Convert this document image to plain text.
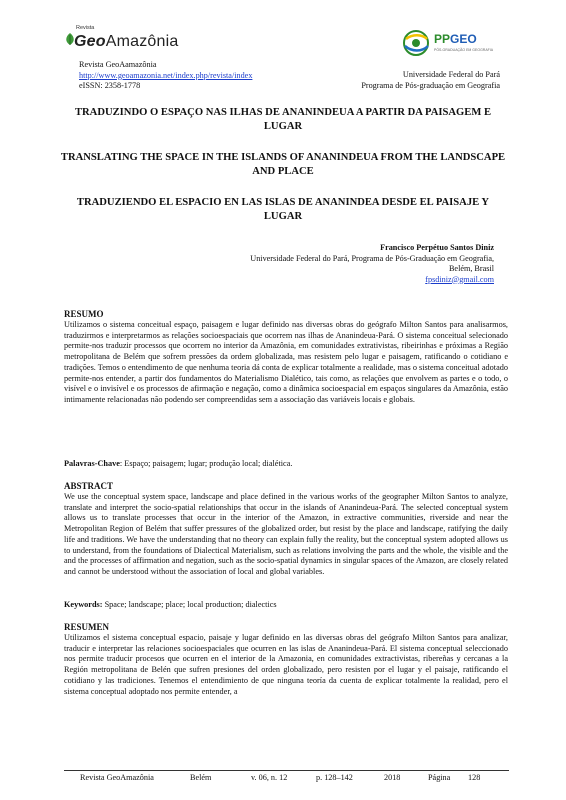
Revista
GeoAmazônia
Revista GeoAamazônia
http://www.geoamazonia.net/index.php/revista/index
eISSN: 2358-1778
PPGEO
PÓS-GRADUAÇÃO EM GEOGRAFIA
Universidade Federal do Pará
Programa de Pós-graduação em Geografia
TRADUZINDO O ESPAÇO NAS ILHAS DE ANANINDEUA A PARTIR DA PAISAGEM E LUGAR
TRANSLATING THE SPACE IN THE ISLANDS OF ANANINDEUA FROM THE LANDSCAPE AND PLACE
TRADUZIENDO EL ESPACIO EN LAS ISLAS DE ANANINDEA DESDE EL PAISAJE Y LUGAR
Francisco Perpétuo Santos Diniz
Universidade Federal do Pará, Programa de Pós-Graduação em Geografia, Belém, Brasil
fpsdiniz@gmail.com
RESUMO
Utilizamos o sistema conceitual espaço, paisagem e lugar definido nas diversas obras do geógrafo Milton Santos para analisarmos, traduzirmos e interpretarmos as relações socioespaciais que ocorrem nas ilhas de Ananindeua-Pará. O sistema conceitual selecionado permite-nos traduzir processos que ocorrem no interior da Amazônia, em comunidades extrativistas, ribeirinhas e próximas a Região metropolitana de Belém que sofrem pressões da ordem globalizada, mas resistem pelo lugar e paisagem, ratificando o cotidiano e tradições. Temos o entendimento de que nenhuma teoria dá conta de explicar totalmente a realidade, mas o sistema conceitual adotado permite-nos entender, a partir dos fundamentos do Materialismo Dialético, tais como, as relações que envolvem as partes e o todo, o visível e o invisível e os processos de afirmação e negação, como a dinâmica socioespacial em espaços singulares da Amazônia, estão intimamente relacionadas não podendo ser compreendidas sem a associação das variáveis locais e globais.
Palavras-Chave: Espaço; paisagem; lugar; produção local; dialética.
ABSTRACT
We use the conceptual system space, landscape and place defined in the various works of the geographer Milton Santos to analyze, translate and interpret the socio-spatial relationships that occur in the islands of Ananindeua-Pará. The selected conceptual system allows us to translate processes that occur in the interior of the Amazon, in extractive communities, riverside and near the Metropolitan Region of Belém that suffer pressures of the globalized order, but resist by the place and landscape, ratifying the daily life and traditions. We have the understanding that no theory can explain fully the reality, but the conceptual system adopted allows us to understand, from the foundations of Dialectical Materialism, such as relations involving the parts and the whole, the visible and the and the processes of affirmation and negation, such as the socio-spatial dynamics in singular spaces of the Amazon, are closely related and cannot be understood without the association of local and global variables.
Keywords: Space; landscape; place; local production; dialectics
RESUMEN
Utilizamos el sistema conceptual espacio, paisaje y lugar definido en las diversas obras del geógrafo Milton Santos para analizar, traducir e interpretar las relaciones socioespaciales que ocurren en las islas de Ananindeua-Pará. El sistema conceptual seleccionado nos permite traducir procesos que ocurren en el interior de la Amazonia, en comunidades extractivistas, ribereñas y cercanas a la Región metropolitana de Belén que sufren presiones del orden globalizado, pero resisten por el lugar y el paisaje, ratificando el cotidiano y las tradiciones. Tenemos el entendimiento de que ninguna teoría da cuenta de explicar totalmente la realidad, pero el sistema conceptual adoptado nos permite entender, a
Revista GeoAmazônia	Belém	v. 06, n. 12	p. 128–142	2018	Página 128
